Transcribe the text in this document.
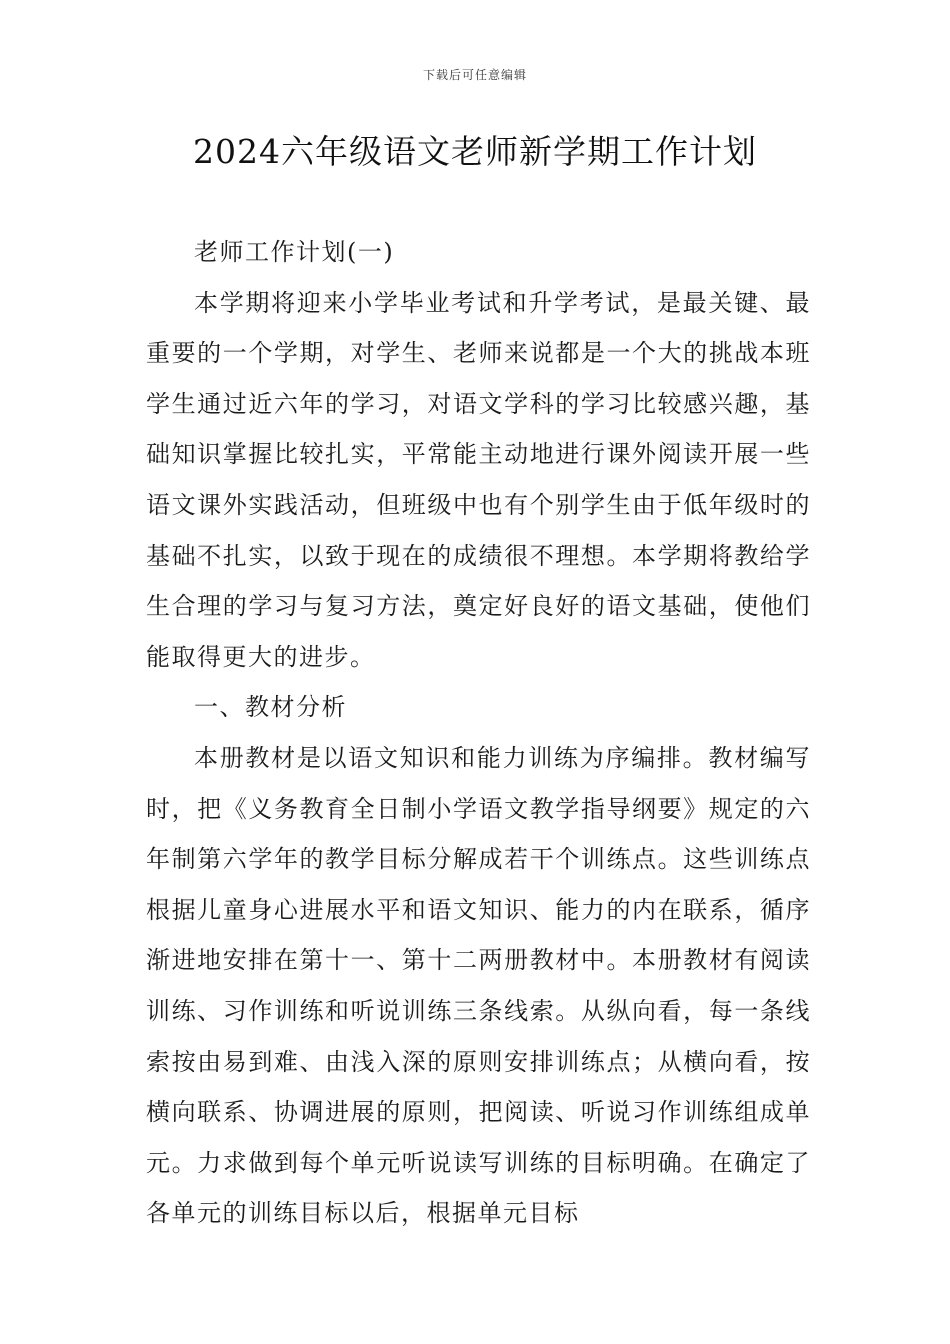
下载后可任意编辑
2024六年级语文老师新学期工作计划

老师工作计划(一)

本学期将迎来小学毕业考试和升学考试，是最关键、最重要的一个学期，对学生、老师来说都是一个大的挑战本班学生通过近六年的学习，对语文学科的学习比较感兴趣，基础知识掌握比较扎实，平常能主动地进行课外阅读开展一些语文课外实践活动，但班级中也有个别学生由于低年级时的基础不扎实，以致于现在的成绩很不理想。本学期将教给学生合理的学习与复习方法，奠定好良好的语文基础，使他们能取得更大的进步。

一、教材分析

本册教材是以语文知识和能力训练为序编排。教材编写时，把《义务教育全日制小学语文教学指导纲要》规定的六年制第六学年的教学目标分解成若干个训练点。这些训练点根据儿童身心进展水平和语文知识、能力的内在联系，循序渐进地安排在第十一、第十二两册教材中。本册教材有阅读训练、习作训练和听说训练三条线索。从纵向看，每一条线索按由易到难、由浅入深的原则安排训练点；从横向看，按横向联系、协调进展的原则，把阅读、听说习作训练组成单元。力求做到每个单元听说读写训练的目标明确。在确定了各单元的训练目标以后，根据单元目标
